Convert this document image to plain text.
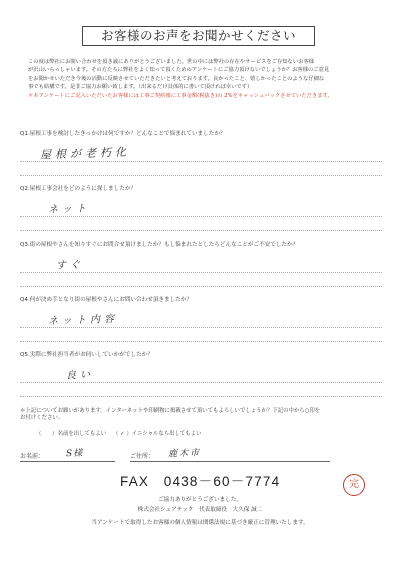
お客様のお声をお聞かせください

この度は弊社にお問い合わせを頂き誠にありがとうございました。世の中には弊社の存在やサービスをご存知ないお客様

が沢山いらっしゃいます。その方たちに弊社をよく知って頂くためのアンケートにご協力頂けないでしょうか？お客様のご意見

をお聞かせいただき今後の活動に反映させていただきたいと考えております。良かったこと、嬉しかったことのような仔細な

事でも結構です。是非ご協力お願い致します。（出来るだけ具体的に書いて頂ければ幸いです）

＊本アンケートにご記入いただいたお客様には工事ご契約後に工事金額(税抜き)の 2%をキャッシュバックさせていただきます。

Q1.屋根工事を検討したきっかけは何ですか？どんなことで悩まれていましたか？
屋根が老朽化
Q2.屋根工事会社をどのように探しましたか？
ネット
Q3.街の屋根やさんを知りすぐにお問合せ頂けましたか？もし悩まれたとしたらどんなことがご不安でしたか？
すぐ
Q4.何が決め手となり街の屋根やさんにお問い合わせ頂きましたか？
ネット内容
Q5.実際に弊社担当者がお伺いしていかがでしたか？
良い
＊上記についてお願いがあります。インターネットや印刷物に掲載させて頂いてもよろしいでしょうか？下記の中から○印を
お付けください。
（　　）名前を出してもよい （ ✓ ）イニシャルなら出してもよい
お名前： S様	ご住所： 鹿木市
FAX　0438－60－7774	完
ご協力ありがとうございました。
株式会社シェアテック　代表取締役　大久保 誠二
当アンケートで取得したお客様の個人情報は関係法規に基づき厳正に管理いたします。
